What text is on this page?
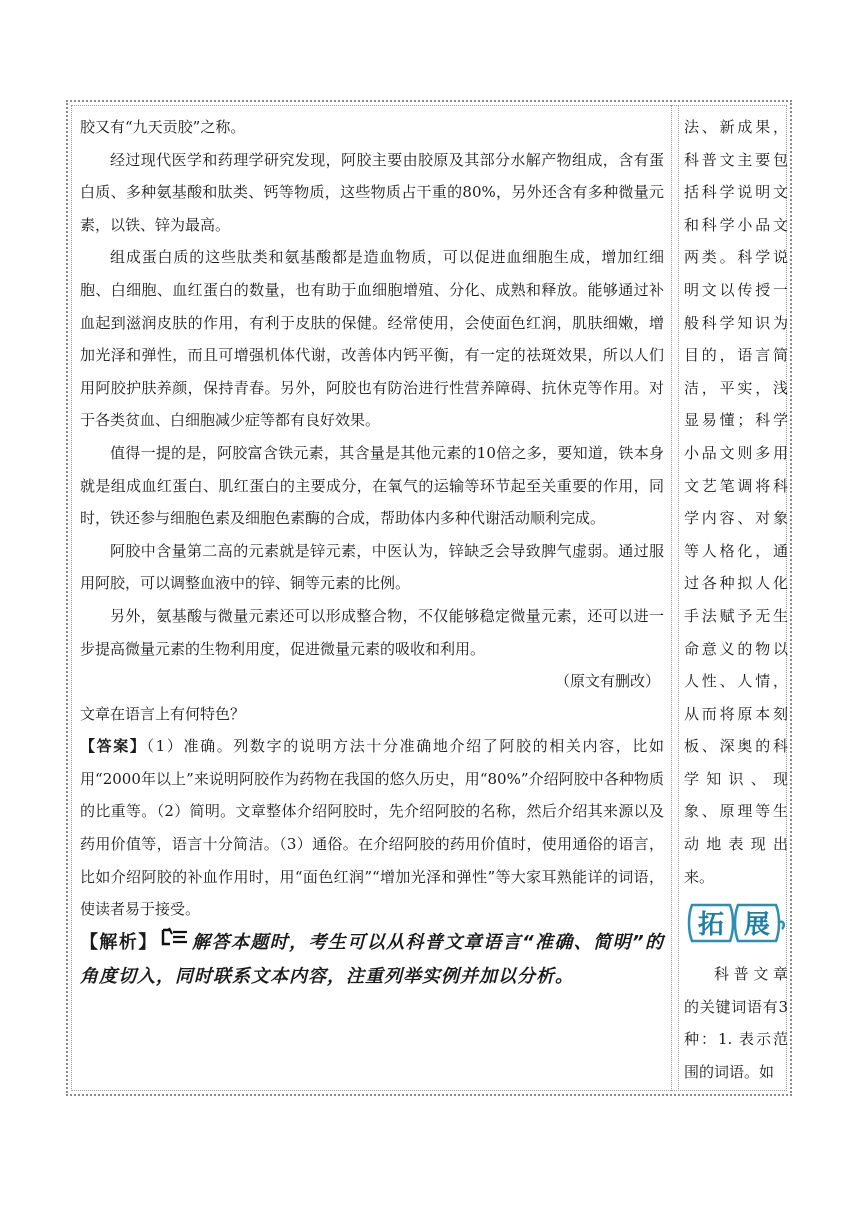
胶又有“九天贡胶”之称。

经过现代医学和药理学研究发现，阿胶主要由胶原及其部分水解产物组成，含有蛋白质、多种氨基酸和肽类、钙等物质，这些物质占干重的80%，另外还含有多种微量元素，以铁、锌为最高。

组成蛋白质的这些肽类和氨基酸都是造血物质，可以促进血细胞生成，增加红细胞、白细胞、血红蛋白的数量，也有助于血细胞增殖、分化、成熟和释放。能够通过补血起到滋润皮肤的作用，有利于皮肤的保健。经常使用，会使面色红润，肌肤细嫩，增加光泽和弹性，而且可增强机体代谢，改善体内钙平衡，有一定的祛斑效果，所以人们用阿胶护肤养颜，保持青春。另外，阿胶也有防治进行性营养障碍、抗休克等作用。对于各类贫血、白细胞减少症等都有良好效果。

值得一提的是，阿胶富含铁元素，其含量是其他元素的10倍之多，要知道，铁本身就是组成血红蛋白、肌红蛋白的主要成分，在氧气的运输等环节起至关重要的作用，同时，铁还参与细胞色素及细胞色素酶的合成，帮助体内多种代谢活动顺利完成。

阿胶中含量第二高的元素就是锌元素，中医认为，锌缺乏会导致脾气虚弱。通过服用阿胶，可以调整血液中的锌、铜等元素的比例。

另外，氨基酸与微量元素还可以形成整合物，不仅能够稳定微量元素，还可以进一步提高微量元素的生物利用度，促进微量元素的吸收和利用。

（原文有删改）

文章在语言上有何特色？

【答案】（1）准确。列数字的说明方法十分准确地介绍了阿胶的相关内容，比如用“2000年以上”来说明阿胶作为药物在我国的悠久历史，用“80%”介绍阿胶中各种物质的比重等。（2）简明。文章整体介绍阿胶时，先介绍阿胶的名称，然后介绍其来源以及药用价值等，语言十分简洁。（3）通俗。在介绍阿胶的药用价值时，使用通俗的语言，比如介绍阿胶的补血作用时，用“面色红润”“增加光泽和弹性”等大家耳熟能详的词语，使读者易于接受。

【解析】 解答本题时，考生可以从科普文章语言“准确、简明”的角度切入，同时联系文本内容，注重列举实例并加以分析。

法、新成果，科普文主要包括科学说明文和科学小品文两类。科学说明文以传授一般科学知识为目的，语言简洁，平实，浅显易懂；科学小品文则多用文艺笔调将科学内容、对象等人格化，通过各种拟人化手法赋予无生命意义的物以人性、人情，从而将原本刻板、深奥的科学知识、现象、原理等生动地表现出来。

拓 展

科普文章的关键词语有3种：1. 表示范围的词语。如
